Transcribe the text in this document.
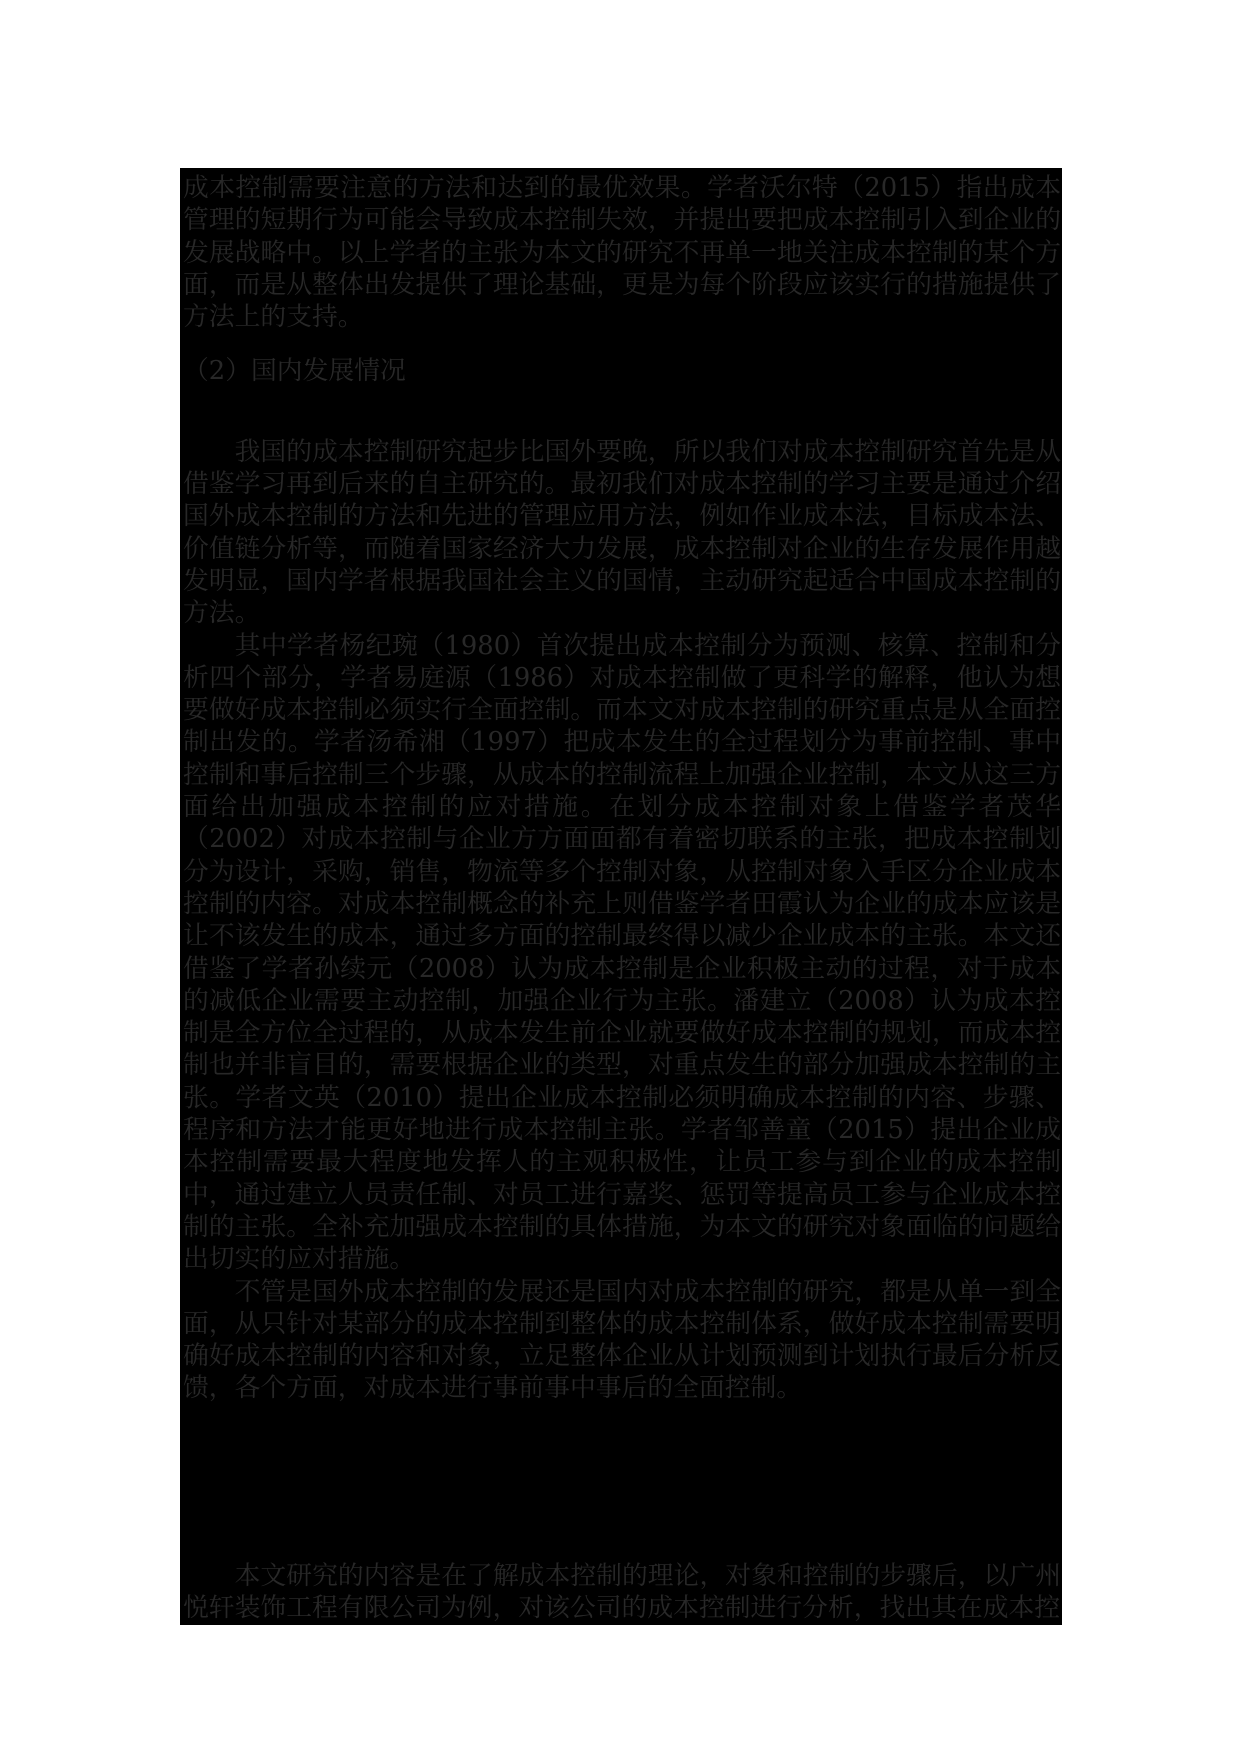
成本控制需要注意的方法和达到的最优效果。学者沃尔特（2015）指出成本管理的短期行为可能会导致成本控制失效，并提出要把成本控制引入到企业的发展战略中。以上学者的主张为本文的研究不再单一地关注成本控制的某个方面，而是从整体出发提供了理论基础，更是为每个阶段应该实行的措施提供了方法上的支持。

（2）国内发展情况

我国的成本控制研究起步比国外要晚，所以我们对成本控制研究首先是从借鉴学习再到后来的自主研究的。最初我们对成本控制的学习主要是通过介绍国外成本控制的方法和先进的管理应用方法，例如作业成本法，目标成本法、价值链分析等，而随着国家经济大力发展，成本控制对企业的生存发展作用越发明显，国内学者根据我国社会主义的国情，主动研究起适合中国成本控制的方法。

其中学者杨纪琬（1980）首次提出成本控制分为预测、核算、控制和分析四个部分，学者易庭源（1986）对成本控制做了更科学的解释，他认为想要做好成本控制必须实行全面控制。而本文对成本控制的研究重点是从全面控制出发的。学者汤希湘（1997）把成本发生的全过程划分为事前控制、事中控制和事后控制三个步骤，从成本的控制流程上加强企业控制，本文从这三方面给出加强成本控制的应对措施。在划分成本控制对象上借鉴学者茂华（2002）对成本控制与企业方方面面都有着密切联系的主张，把成本控制划分为设计，采购，销售，物流等多个控制对象，从控制对象入手区分企业成本控制的内容。对成本控制概念的补充上则借鉴学者田霞认为企业的成本应该是让不该发生的成本，通过多方面的控制最终得以减少企业成本的主张。本文还借鉴了学者孙续元（2008）认为成本控制是企业积极主动的过程，对于成本的减低企业需要主动控制，加强企业行为主张。潘建立（2008）认为成本控制是全方位全过程的，从成本发生前企业就要做好成本控制的规划，而成本控制也并非盲目的，需要根据企业的类型，对重点发生的部分加强成本控制的主张。学者文英（2010）提出企业成本控制必须明确成本控制的内容、步骤、程序和方法才能更好地进行成本控制主张。学者邹善童（2015）提出企业成本控制需要最大程度地发挥人的主观积极性，让员工参与到企业的成本控制中，通过建立人员责任制、对员工进行嘉奖、惩罚等提高员工参与企业成本控制的主张。全补充加强成本控制的具体措施，为本文的研究对象面临的问题给出切实的应对措施。

不管是国外成本控制的发展还是国内对成本控制的研究，都是从单一到全面，从只针对某部分的成本控制到整体的成本控制体系，做好成本控制需要明确好成本控制的内容和对象，立足整体企业从计划预测到计划执行最后分析反馈，各个方面，对成本进行事前事中事后的全面控制。

本文研究的内容是在了解成本控制的理论，对象和控制的步骤后，以广州悦轩装饰工程有限公司为例，对该公司的成本控制进行分析，找出其在成本控
